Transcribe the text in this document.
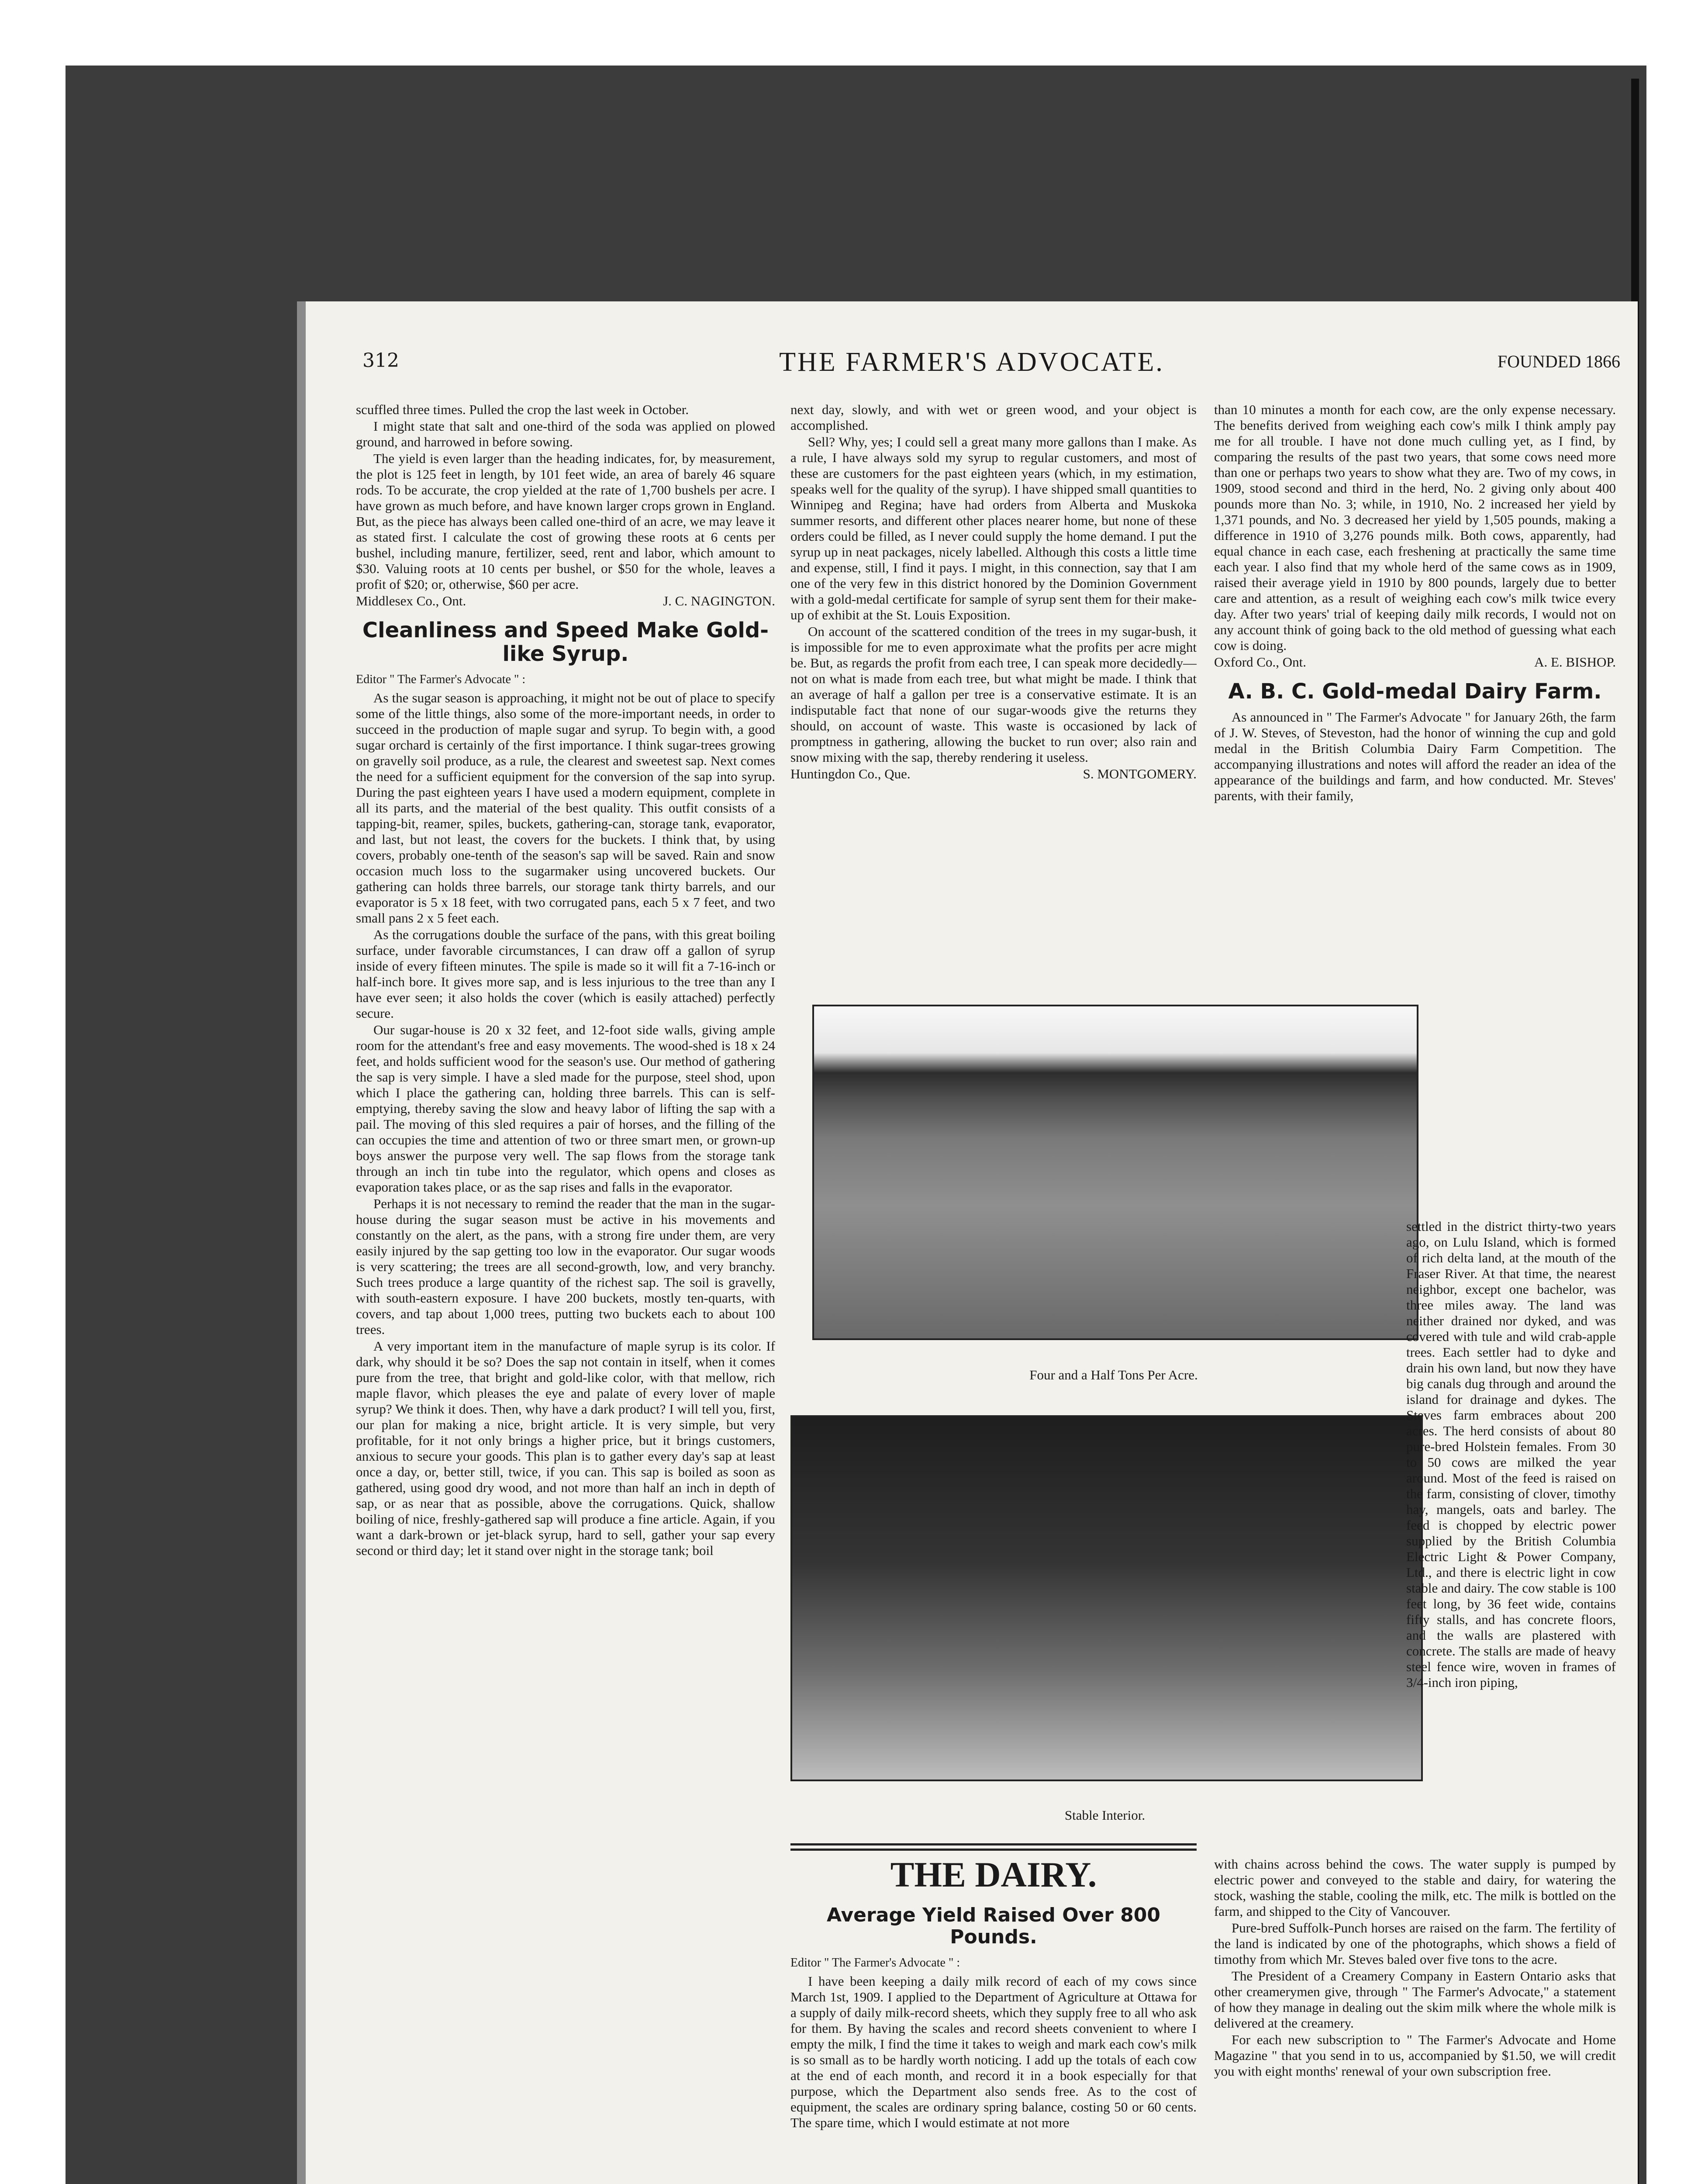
312	THE FARMER'S ADVOCATE.	FOUNDED 1866

scuffled three times. Pulled the crop the last week in October.

I might state that salt and one-third of the soda was applied on plowed ground, and harrowed in before sowing.

The yield is even larger than the heading indicates, for, by measurement, the plot is 125 feet in length, by 101 feet wide, an area of barely 46 square rods. To be accurate, the crop yielded at the rate of 1,700 bushels per acre. I have grown as much before, and have known larger crops grown in England. But, as the piece has always been called one-third of an acre, we may leave it as stated first. I calculate the cost of growing these roots at 6 cents per bushel, including manure, fertilizer, seed, rent and labor, which amount to $30. Valuing roots at 10 cents per bushel, or $50 for the whole, leaves a profit of $20; or, otherwise, $60 per acre.

Middlesex Co., Ont.	J. C. NAGINGTON.
Cleanliness and Speed Make Gold-like Syrup.
Editor " The Farmer's Advocate " :

As the sugar season is approaching, it might not be out of place to specify some of the little things, also some of the more-important needs, in order to succeed in the production of maple sugar and syrup. To begin with, a good sugar orchard is certainly of the first importance. I think sugar-trees growing on gravelly soil produce, as a rule, the clearest and sweetest sap. Next comes the need for a sufficient equipment for the conversion of the sap into syrup. During the past eighteen years I have used a modern equipment, complete in all its parts, and the material of the best quality. This outfit consists of a tapping-bit, reamer, spiles, buckets, gathering-can, storage tank, evaporator, and last, but not least, the covers for the buckets. I think that, by using covers, probably one-tenth of the season's sap will be saved. Rain and snow occasion much loss to the sugarmaker using uncovered buckets. Our gathering can holds three barrels, our storage tank thirty barrels, and our evaporator is 5 x 18 feet, with two corrugated pans, each 5 x 7 feet, and two small pans 2 x 5 feet each.

As the corrugations double the surface of the pans, with this great boiling surface, under favorable circumstances, I can draw off a gallon of syrup inside of every fifteen minutes. The spile is made so it will fit a 7-16-inch or half-inch bore. It gives more sap, and is less injurious to the tree than any I have ever seen; it also holds the cover (which is easily attached) perfectly secure.

Our sugar-house is 20 x 32 feet, and 12-foot side walls, giving ample room for the attendant's free and easy movements. The wood-shed is 18 x 24 feet, and holds sufficient wood for the season's use. Our method of gathering the sap is very simple. I have a sled made for the purpose, steel shod, upon which I place the gathering can, holding three barrels. This can is self-emptying, thereby saving the slow and heavy labor of lifting the sap with a pail. The moving of this sled requires a pair of horses, and the filling of the can occupies the time and attention of two or three smart men, or grown-up boys answer the purpose very well. The sap flows from the storage tank through an inch tin tube into the regulator, which opens and closes as evaporation takes place, or as the sap rises and falls in the evaporator.

Perhaps it is not necessary to remind the reader that the man in the sugar-house during the sugar season must be active in his movements and constantly on the alert, as the pans, with a strong fire under them, are very easily injured by the sap getting too low in the evaporator. Our sugar woods is very scattering; the trees are all second-growth, low, and very branchy. Such trees produce a large quantity of the richest sap. The soil is gravelly, with south-eastern exposure. I have 200 buckets, mostly ten-quarts, with covers, and tap about 1,000 trees, putting two buckets each to about 100 trees.

A very important item in the manufacture of maple syrup is its color. If dark, why should it be so? Does the sap not contain in itself, when it comes pure from the tree, that bright and gold-like color, with that mellow, rich maple flavor, which pleases the eye and palate of every lover of maple syrup? We think it does. Then, why have a dark product? I will tell you, first, our plan for making a nice, bright article. It is very simple, but very profitable, for it not only brings a higher price, but it brings customers, anxious to secure your goods. This plan is to gather every day's sap at least once a day, or, better still, twice, if you can. This sap is boiled as soon as gathered, using good dry wood, and not more than half an inch in depth of sap, or as near that as possible, above the corrugations. Quick, shallow boiling of nice, freshly-gathered sap will produce a fine article. Again, if you want a dark-brown or jet-black syrup, hard to sell, gather your sap every second or third day; let it stand over night in the storage tank; boil

next day, slowly, and with wet or green wood, and your object is accomplished.

Sell? Why, yes; I could sell a great many more gallons than I make. As a rule, I have always sold my syrup to regular customers, and most of these are customers for the past eighteen years (which, in my estimation, speaks well for the quality of the syrup). I have shipped small quantities to Winnipeg and Regina; have had orders from Alberta and Muskoka summer resorts, and different other places nearer home, but none of these orders could be filled, as I never could supply the home demand. I put the syrup up in neat packages, nicely labelled. Although this costs a little time and expense, still, I find it pays. I might, in this connection, say that I am one of the very few in this district honored by the Dominion Government with a gold-medal certificate for sample of syrup sent them for their make-up of exhibit at the St. Louis Exposition.

On account of the scattered condition of the trees in my sugar-bush, it is impossible for me to even approximate what the profits per acre might be. But, as regards the profit from each tree, I can speak more decidedly—not on what is made from each tree, but what might be made. I think that an average of half a gallon per tree is a conservative estimate. It is an indisputable fact that none of our sugar-woods give the returns they should, on account of waste. This waste is occasioned by lack of promptness in gathering, allowing the bucket to run over; also rain and snow mixing with the sap, thereby rendering it useless.

Huntingdon Co., Que.	S. MONTGOMERY.

than 10 minutes a month for each cow, are the only expense necessary. The benefits derived from weighing each cow's milk I think amply pay me for all trouble. I have not done much culling yet, as I find, by comparing the results of the past two years, that some cows need more than one or perhaps two years to show what they are. Two of my cows, in 1909, stood second and third in the herd, No. 2 giving only about 400 pounds more than No. 3; while, in 1910, No. 2 increased her yield by 1,371 pounds, and No. 3 decreased her yield by 1,505 pounds, making a difference in 1910 of 3,276 pounds milk. Both cows, apparently, had equal chance in each case, each freshening at practically the same time each year. I also find that my whole herd of the same cows as in 1909, raised their average yield in 1910 by 800 pounds, largely due to better care and attention, as a result of weighing each cow's milk twice every day. After two years' trial of keeping daily milk records, I would not on any account think of going back to the old method of guessing what each cow is doing.

Oxford Co., Ont.	A. E. BISHOP.
A. B. C. Gold-medal Dairy Farm.

As announced in " The Farmer's Advocate " for January 26th, the farm of J. W. Steves, of Steveston, had the honor of winning the cup and gold medal in the British Columbia Dairy Farm Competition. The accompanying illustrations and notes will afford the reader an idea of the appearance of the buildings and farm, and how conducted. Mr. Steves' parents, with their family,

Four and a Half Tons Per Acre.
Stable Interior.

settled in the district thirty-two years ago, on Lulu Island, which is formed of rich delta land, at the mouth of the Fraser River. At that time, the nearest neighbor, except one bachelor, was three miles away. The land was neither drained nor dyked, and was covered with tule and wild crab-apple trees. Each settler had to dyke and drain his own land, but now they have big canals dug through and around the island for drainage and dykes. The Steves farm embraces about 200 acres. The herd consists of about 80 pure-bred Holstein females. From 30 to 50 cows are milked the year around. Most of the feed is raised on the farm, consisting of clover, timothy hay, mangels, oats and barley. The feed is chopped by electric power supplied by the British Columbia Electric Light & Power Company, Ltd., and there is electric light in cow stable and dairy. The cow stable is 100 feet long, by 36 feet wide, contains fifty stalls, and has concrete floors, and the walls are plastered with concrete. The stalls are made of heavy steel fence wire, woven in frames of 3/4-inch iron piping,

THE DAIRY.
Average Yield Raised Over 800 Pounds.
Editor " The Farmer's Advocate " :

I have been keeping a daily milk record of each of my cows since March 1st, 1909. I applied to the Department of Agriculture at Ottawa for a supply of daily milk-record sheets, which they supply free to all who ask for them. By having the scales and record sheets convenient to where I empty the milk, I find the time it takes to weigh and mark each cow's milk is so small as to be hardly worth noticing. I add up the totals of each cow at the end of each month, and record it in a book especially for that purpose, which the Department also sends free. As to the cost of equipment, the scales are ordinary spring balance, costing 50 or 60 cents. The spare time, which I would estimate at not more

with chains across behind the cows. The water supply is pumped by electric power and conveyed to the stable and dairy, for watering the stock, washing the stable, cooling the milk, etc. The milk is bottled on the farm, and shipped to the City of Vancouver.

Pure-bred Suffolk-Punch horses are raised on the farm. The fertility of the land is indicated by one of the photographs, which shows a field of timothy from which Mr. Steves baled over five tons to the acre.

The President of a Creamery Company in Eastern Ontario asks that other creamerymen give, through " The Farmer's Advocate," a statement of how they manage in dealing out the skim milk where the whole milk is delivered at the creamery.

For each new subscription to " The Farmer's Advocate and Home Magazine " that you send in to us, accompanied by $1.50, we will credit you with eight months' renewal of your own subscription free.
